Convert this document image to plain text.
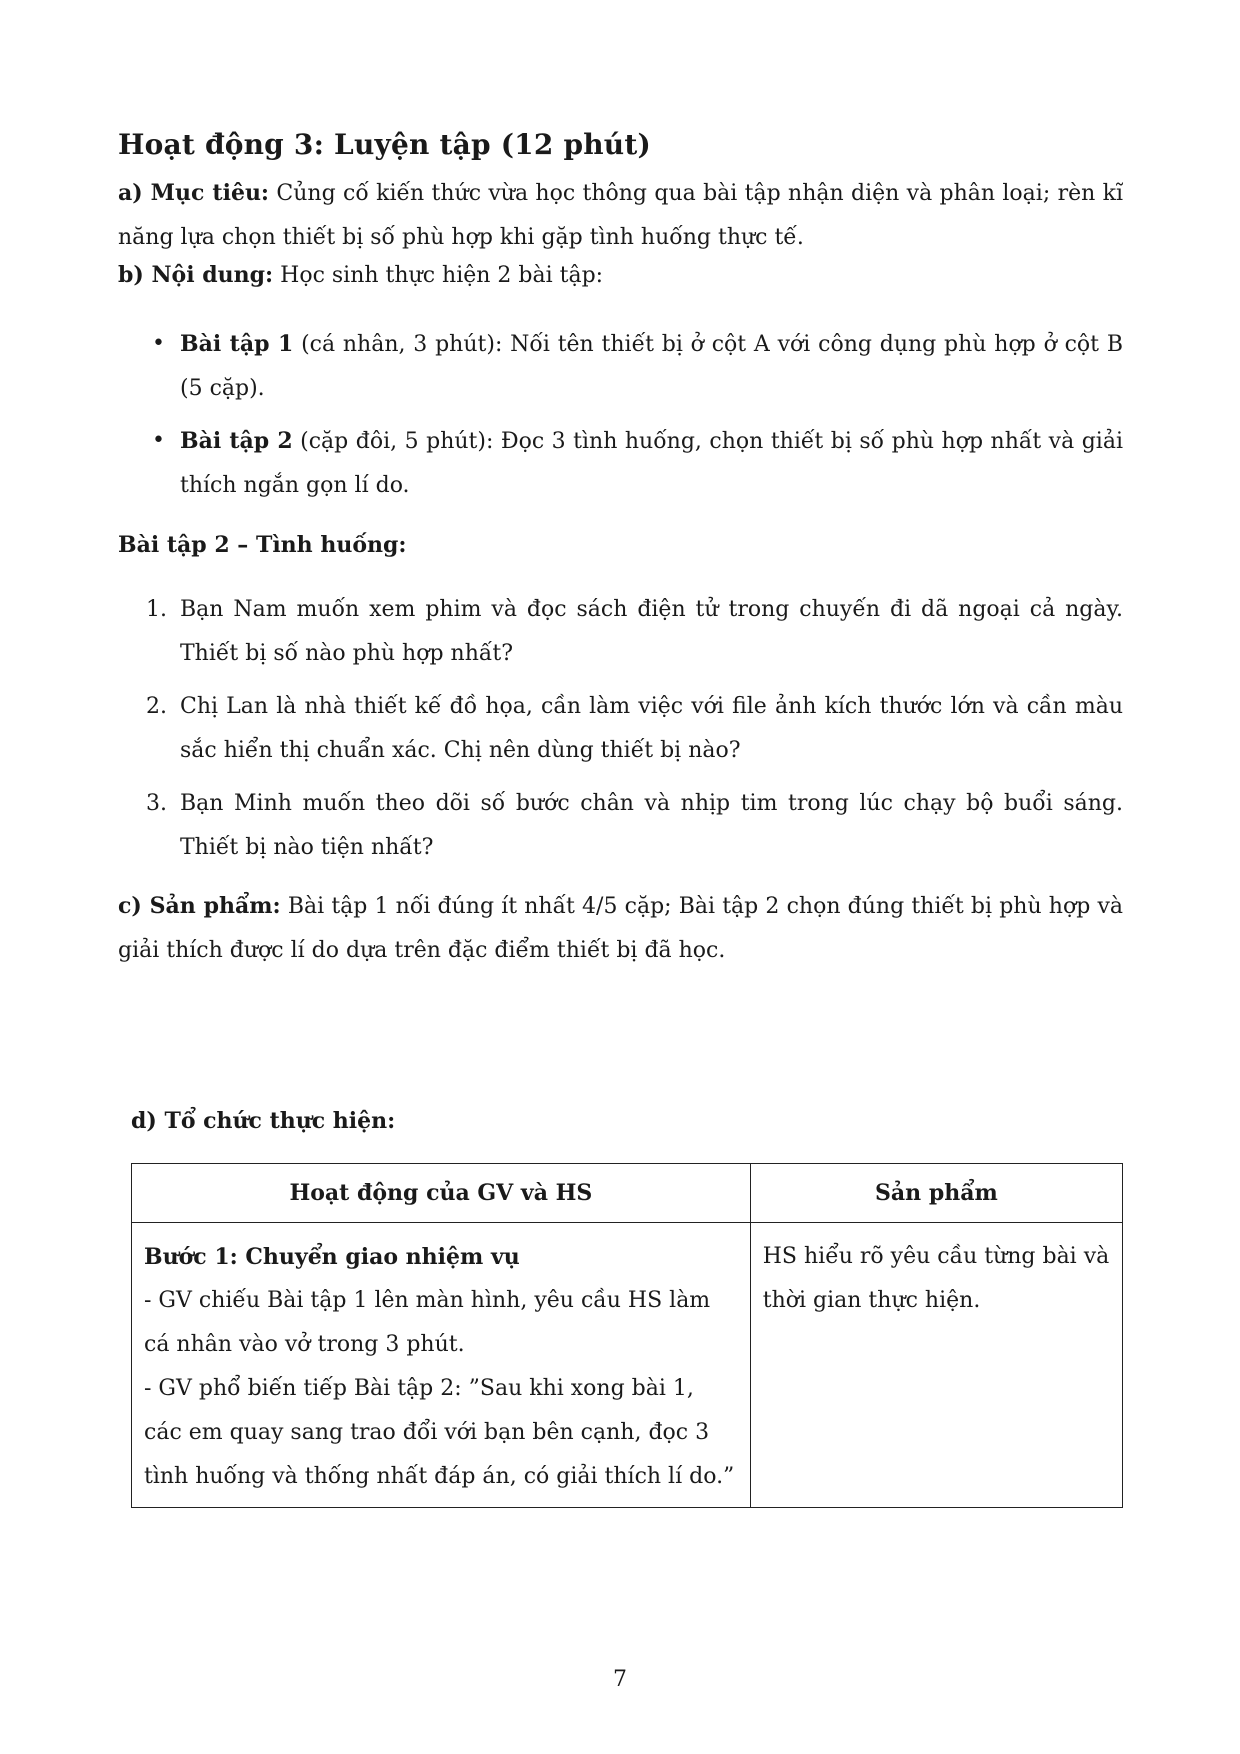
Hoạt động 3: Luyện tập (12 phút)
a) Mục tiêu: Củng cố kiến thức vừa học thông qua bài tập nhận diện và phân loại; rèn kĩ năng lựa chọn thiết bị số phù hợp khi gặp tình huống thực tế.
b) Nội dung: Học sinh thực hiện 2 bài tập:
• Bài tập 1 (cá nhân, 3 phút): Nối tên thiết bị ở cột A với công dụng phù hợp ở cột B (5 cặp).
• Bài tập 2 (cặp đôi, 5 phút): Đọc 3 tình huống, chọn thiết bị số phù hợp nhất và giải thích ngắn gọn lí do.
Bài tập 2 – Tình huống:
1. Bạn Nam muốn xem phim và đọc sách điện tử trong chuyến đi dã ngoại cả ngày. Thiết bị số nào phù hợp nhất?
2. Chị Lan là nhà thiết kế đồ họa, cần làm việc với file ảnh kích thước lớn và cần màu sắc hiển thị chuẩn xác. Chị nên dùng thiết bị nào?
3. Bạn Minh muốn theo dõi số bước chân và nhịp tim trong lúc chạy bộ buổi sáng. Thiết bị nào tiện nhất?
c) Sản phẩm: Bài tập 1 nối đúng ít nhất 4/5 cặp; Bài tập 2 chọn đúng thiết bị phù hợp và giải thích được lí do dựa trên đặc điểm thiết bị đã học.
d) Tổ chức thực hiện:
Hoạt động của GV và HS	Sản phẩm

Bước 1: Chuyển giao nhiệm vụ
- GV chiếu Bài tập 1 lên màn hình, yêu cầu HS làm cá nhân vào vở trong 3 phút.
- GV phổ biến tiếp Bài tập 2: ”Sau khi xong bài 1, các em quay sang trao đổi với bạn bên cạnh, đọc 3 tình huống và thống nhất đáp án, có giải thích lí do.”	HS hiểu rõ yêu cầu từng bài và thời gian thực hiện.
7
